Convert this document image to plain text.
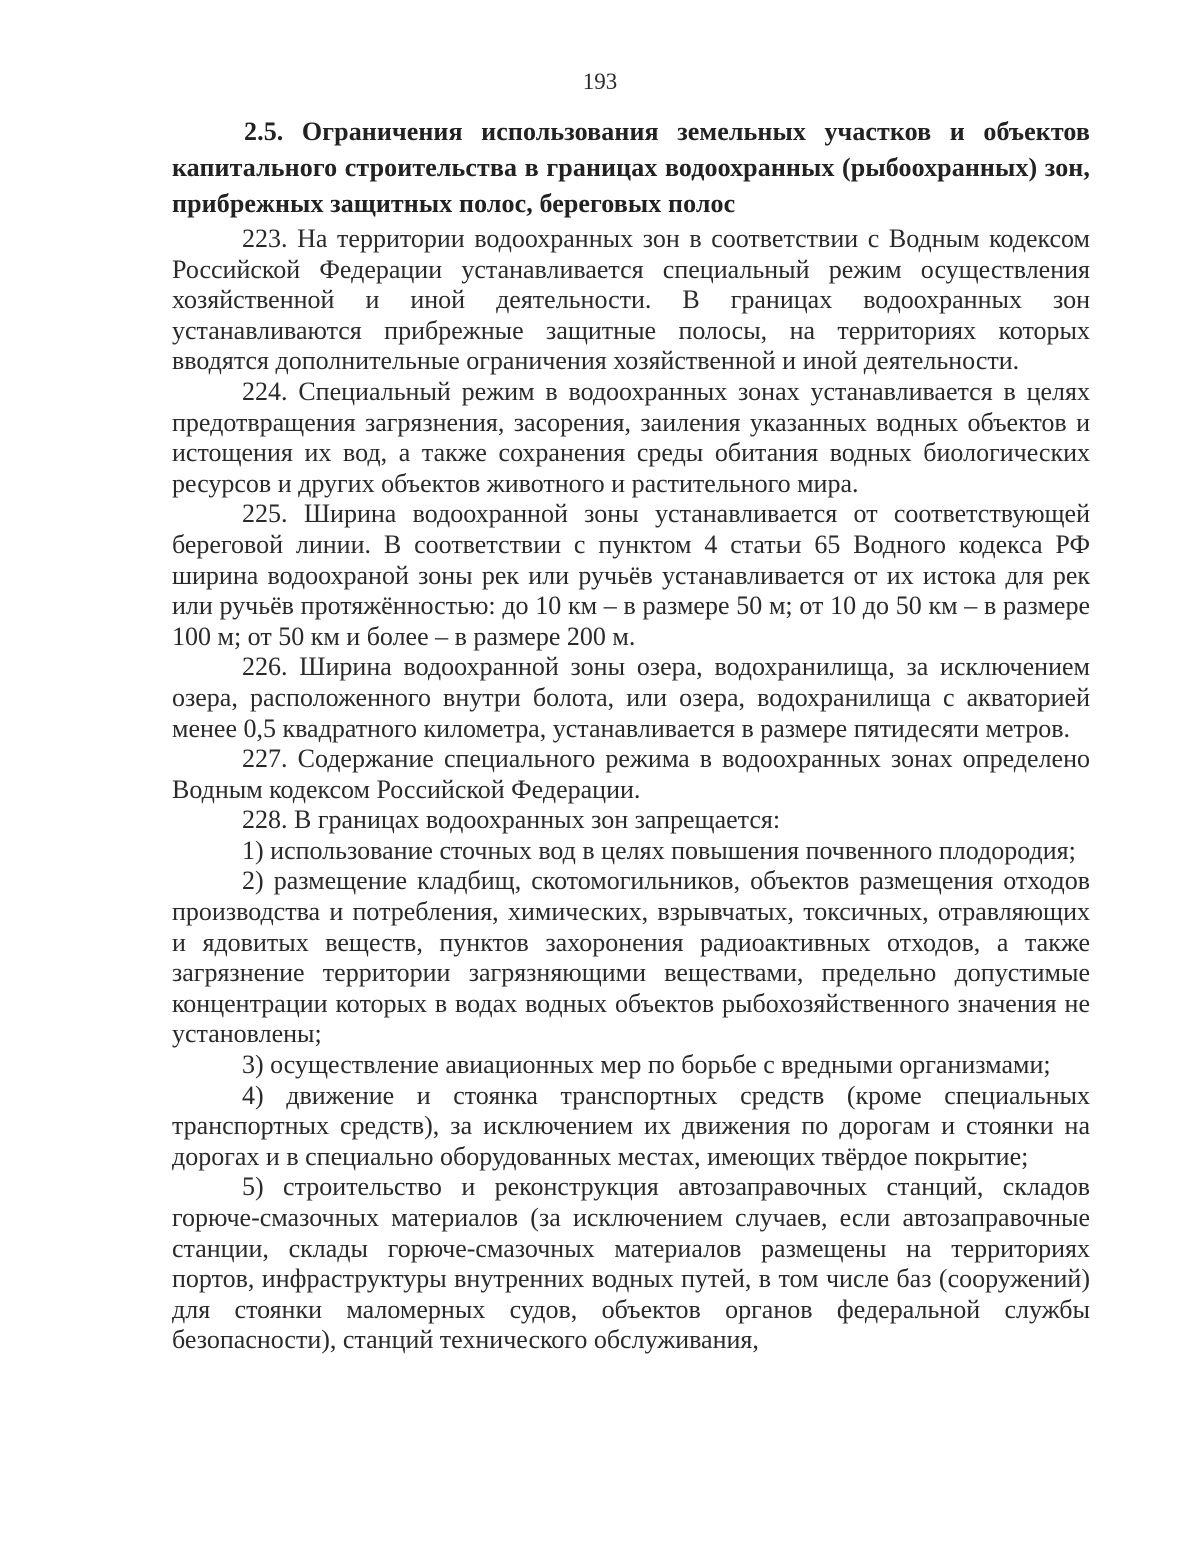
193

2.5. Ограничения использования земельных участков и объектов капитального строительства в границах водоохранных (рыбоохранных) зон, прибрежных защитных полос, береговых полос

223. На территории водоохранных зон в соответствии с Водным кодексом Российской Федерации устанавливается специальный режим осуществления хозяйственной и иной деятельности. В границах водоохранных зон устанавливаются прибрежные защитные полосы, на территориях которых вводятся дополнительные ограничения хозяйственной и иной деятельности.

224. Специальный режим в водоохранных зонах устанавливается в целях предотвращения загрязнения, засорения, заиления указанных водных объектов и истощения их вод, а также сохранения среды обитания водных биологических ресурсов и других объектов животного и растительного мира.

225. Ширина водоохранной зоны устанавливается от соответствующей береговой линии. В соответствии с пунктом 4 статьи 65 Водного кодекса РФ ширина водоохраной зоны рек или ручьёв устанавливается от их истока для рек или ручьёв протяжённостью: до 10 км – в размере 50 м; от 10 до 50 км – в размере 100 м; от 50 км и более – в размере 200 м.

226. Ширина водоохранной зоны озера, водохранилища, за исключением озера, расположенного внутри болота, или озера, водохранилища с акваторией менее 0,5 квадратного километра, устанавливается в размере пятидесяти метров.

227. Содержание специального режима в водоохранных зонах определено Водным кодексом Российской Федерации.

228. В границах водоохранных зон запрещается:

1) использование сточных вод в целях повышения почвенного плодородия;

2) размещение кладбищ, скотомогильников, объектов размещения отходов производства и потребления, химических, взрывчатых, токсичных, отравляющих и ядовитых веществ, пунктов захоронения радиоактивных отходов, а также загрязнение территории загрязняющими веществами, предельно допустимые концентрации которых в водах водных объектов рыбохозяйственного значения не установлены;

3) осуществление авиационных мер по борьбе с вредными организмами;

4) движение и стоянка транспортных средств (кроме специальных транспортных средств), за исключением их движения по дорогам и стоянки на дорогах и в специально оборудованных местах, имеющих твёрдое покрытие;

5) строительство и реконструкция автозаправочных станций, складов горюче-смазочных материалов (за исключением случаев, если автозаправочные станции, склады горюче-смазочных материалов размещены на территориях портов, инфраструктуры внутренних водных путей, в том числе баз (сооружений) для стоянки маломерных судов, объектов органов федеральной службы безопасности), станций технического обслуживания,
